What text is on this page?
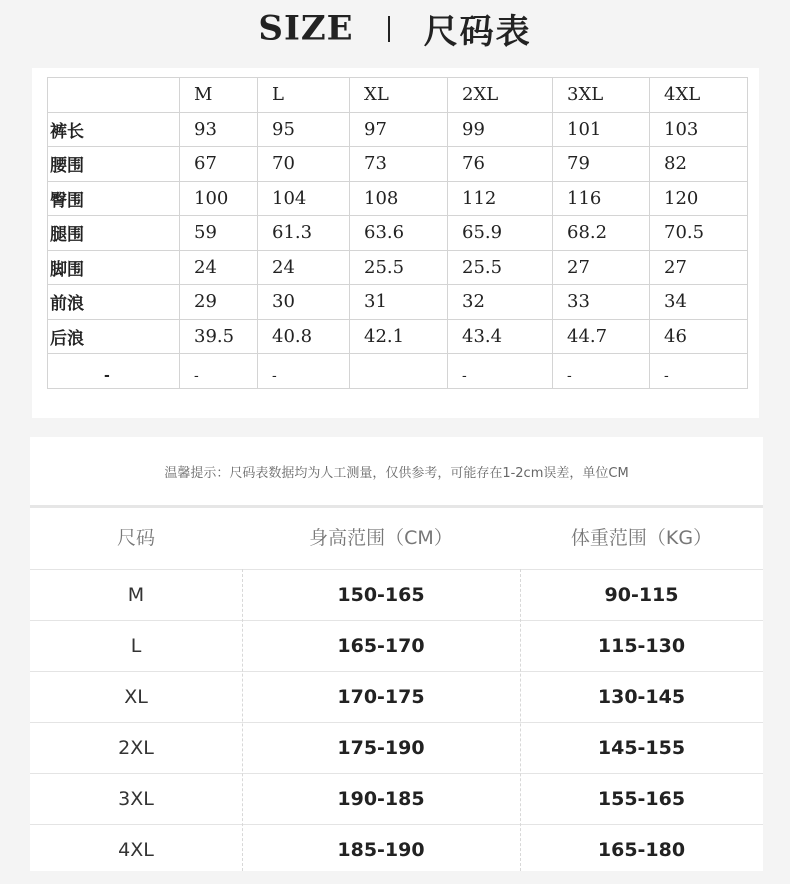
SIZE 尺码表
	M	L	XL	2XL	3XL	4XL
裤长	93	95	97	99	101	103
腰围	67	70	73	76	79	82
臀围	100	104	108	112	116	120
腿围	59	61.3	63.6	65.9	68.2	70.5
脚围	24	24	25.5	25.5	27	27
前浪	29	30	31	32	33	34
后浪	39.5	40.8	42.1	43.4	44.7	46
-	-	-		-	-	-
温馨提示：尺码表数据均为人工测量，仅供参考，可能存在1-2cm误差，单位CM
尺码	身高范围（CM）	体重范围（KG）
M	150-165	90-115
L	165-170	115-130
XL	170-175	130-145
2XL	175-190	145-155
3XL	190-185	155-165
4XL	185-190	165-180
